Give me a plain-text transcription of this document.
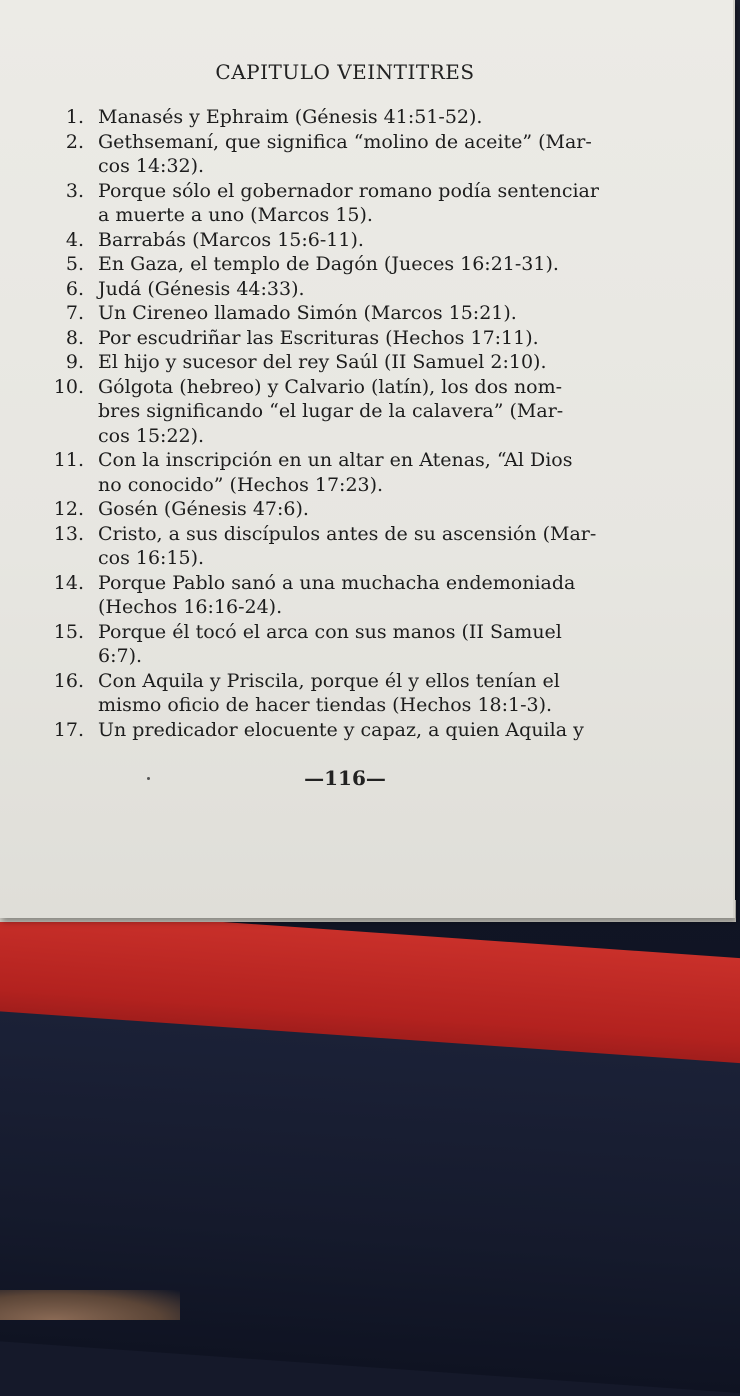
CAPITULO VEINTITRES
1. Manasés y Ephraim (Génesis 41:51-52).
2. Gethsemaní, que significa “molino de aceite” (Mar-
cos 14:32).
3. Porque sólo el gobernador romano podía sentenciar
a muerte a uno (Marcos 15).
4. Barrabás (Marcos 15:6-11).
5. En Gaza, el templo de Dagón (Jueces 16:21-31).
6. Judá (Génesis 44:33).
7. Un Cireneo llamado Simón (Marcos 15:21).
8. Por escudriñar las Escrituras (Hechos 17:11).
9. El hijo y sucesor del rey Saúl (II Samuel 2:10).
10. Gólgota (hebreo) y Calvario (latín), los dos nom-
bres significando “el lugar de la calavera” (Mar-
cos 15:22).
11. Con la inscripción en un altar en Atenas, “Al Dios
no conocido” (Hechos 17:23).
12. Gosén (Génesis 47:6).
13. Cristo, a sus discípulos antes de su ascensión (Mar-
cos 16:15).
14. Porque Pablo sanó a una muchacha endemoniada
(Hechos 16:16-24).
15. Porque él tocó el arca con sus manos (II Samuel
6:7).
16. Con Aquila y Priscila, porque él y ellos tenían el
mismo oficio de hacer tiendas (Hechos 18:1-3).
17. Un predicador elocuente y capaz, a quien Aquila y
—116—
